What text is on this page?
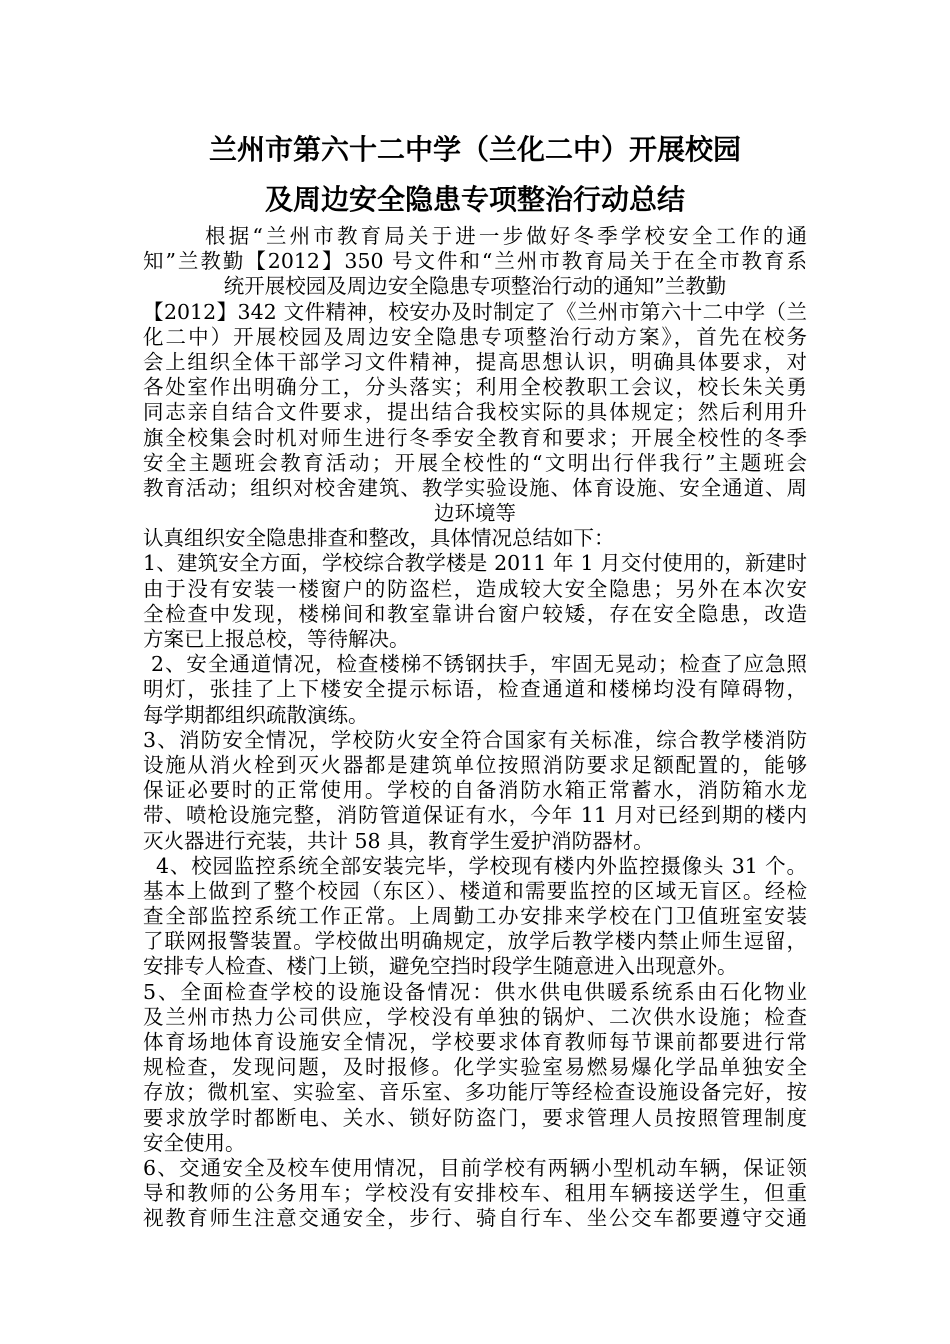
兰州市第六十二中学（兰化二中）开展校园
及周边安全隐患专项整治行动总结
根据“兰州市教育局关于进一步做好冬季学校安全工作的通
知”兰教勤【2012】350 号文件和“兰州市教育局关于在全市教育系
统开展校园及周边安全隐患专项整治行动的通知”兰教勤
【2012】342 文件精神，校安办及时制定了《兰州市第六十二中学（兰
化二中）开展校园及周边安全隐患专项整治行动方案》，首先在校务
会上组织全体干部学习文件精神，提高思想认识，明确具体要求，对
各处室作出明确分工，分头落实；利用全校教职工会议，校长朱关勇
同志亲自结合文件要求，提出结合我校实际的具体规定；然后利用升
旗全校集会时机对师生进行冬季安全教育和要求；开展全校性的冬季
安全主题班会教育活动；开展全校性的“文明出行伴我行”主题班会
教育活动；组织对校舍建筑、教学实验设施、体育设施、安全通道、周
边环境等
认真组织安全隐患排查和整改，具体情况总结如下：
1、建筑安全方面，学校综合教学楼是 2011 年 1 月交付使用的，新建时
由于没有安装一楼窗户的防盗栏，造成较大安全隐患；另外在本次安
全检查中发现，楼梯间和教室靠讲台窗户较矮，存在安全隐患，改造
方案已上报总校，等待解决。
2、安全通道情况，检查楼梯不锈钢扶手，牢固无晃动；检查了应急照
明灯，张挂了上下楼安全提示标语，检查通道和楼梯均没有障碍物，
每学期都组织疏散演练。
3、消防安全情况，学校防火安全符合国家有关标准，综合教学楼消防
设施从消火栓到灭火器都是建筑单位按照消防要求足额配置的，能够
保证必要时的正常使用。学校的自备消防水箱正常蓄水，消防箱水龙
带、喷枪设施完整，消防管道保证有水，今年 11 月对已经到期的楼内
灭火器进行充装，共计 58 具，教育学生爱护消防器材。
4、校园监控系统全部安装完毕，学校现有楼内外监控摄像头 31 个。
基本上做到了整个校园（东区）、楼道和需要监控的区域无盲区。经检
查全部监控系统工作正常。上周勤工办安排来学校在门卫值班室安装
了联网报警装置。学校做出明确规定，放学后教学楼内禁止师生逗留，
安排专人检查、楼门上锁，避免空挡时段学生随意进入出现意外。
5、全面检查学校的设施设备情况：供水供电供暖系统系由石化物业
及兰州市热力公司供应，学校没有单独的锅炉、二次供水设施；检查
体育场地体育设施安全情况，学校要求体育教师每节课前都要进行常
规检查，发现问题，及时报修。化学实验室易燃易爆化学品单独安全
存放；微机室、实验室、音乐室、多功能厅等经检查设施设备完好，按
要求放学时都断电、关水、锁好防盗门，要求管理人员按照管理制度
安全使用。
6、交通安全及校车使用情况，目前学校有两辆小型机动车辆，保证领
导和教师的公务用车；学校没有安排校车、租用车辆接送学生，但重
视教育师生注意交通安全，步行、骑自行车、坐公交车都要遵守交通
